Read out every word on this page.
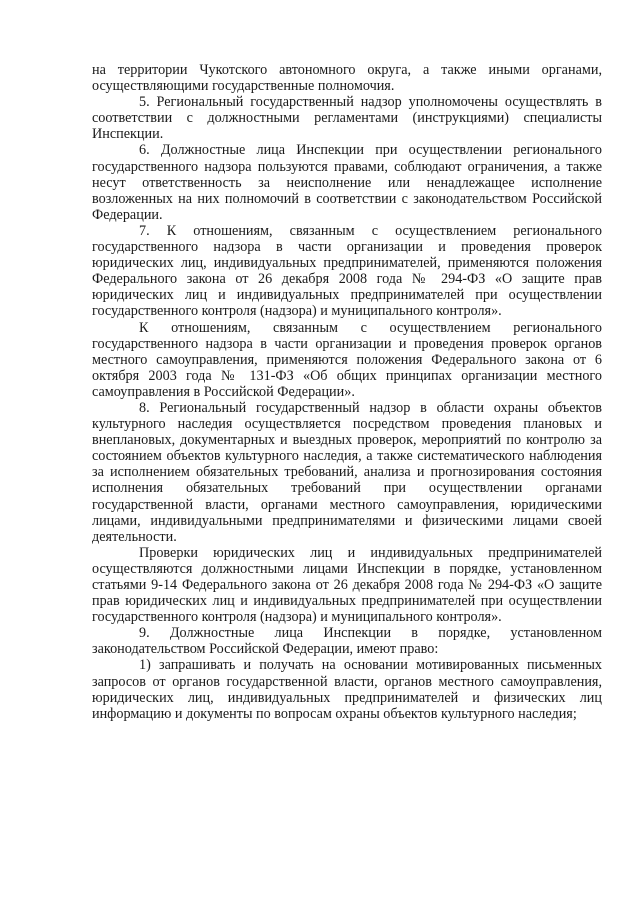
на территории Чукотского автономного округа, а также иными органами, осуществляющими государственные полномочия.

5. Региональный государственный надзор уполномочены осуществлять в соответствии с должностными регламентами (инструкциями) специалисты Инспекции.

6. Должностные лица Инспекции при осуществлении регионального государственного надзора пользуются правами, соблюдают ограничения, а также несут ответственность за неисполнение или ненадлежащее исполнение возложенных на них полномочий в соответствии с законодательством Российской Федерации.

7. К отношениям, связанным с осуществлением регионального государственного надзора в части организации и проведения проверок юридических лиц, индивидуальных предпринимателей, применяются положения Федерального закона от 26 декабря 2008 года № 294-ФЗ «О защите прав юридических лиц и индивидуальных предпринимателей при осуществлении государственного контроля (надзора) и муниципального контроля».

К отношениям, связанным с осуществлением регионального государственного надзора в части организации и проведения проверок органов местного самоуправления, применяются положения Федерального закона от 6 октября 2003 года № 131-ФЗ «Об общих принципах организации местного самоуправления в Российской Федерации».

8. Региональный государственный надзор в области охраны объектов культурного наследия осуществляется посредством проведения плановых и внеплановых, документарных и выездных проверок, мероприятий по контролю за состоянием объектов культурного наследия, а также систематического наблюдения за исполнением обязательных требований, анализа и прогнозирования состояния исполнения обязательных требований при осуществлении органами государственной власти, органами местного самоуправления, юридическими лицами, индивидуальными предпринимателями и физическими лицами своей деятельности.

Проверки юридических лиц и индивидуальных предпринимателей осуществляются должностными лицами Инспекции в порядке, установленном статьями 9-14 Федерального закона от 26 декабря 2008 года № 294-ФЗ «О защите прав юридических лиц и индивидуальных предпринимателей при осуществлении государственного контроля (надзора) и муниципального контроля».

9. Должностные лица Инспекции в порядке, установленном законодательством Российской Федерации, имеют право:

1) запрашивать и получать на основании мотивированных письменных запросов от органов государственной власти, органов местного самоуправления, юридических лиц, индивидуальных предпринимателей и физических лиц информацию и документы по вопросам охраны объектов культурного наследия;
